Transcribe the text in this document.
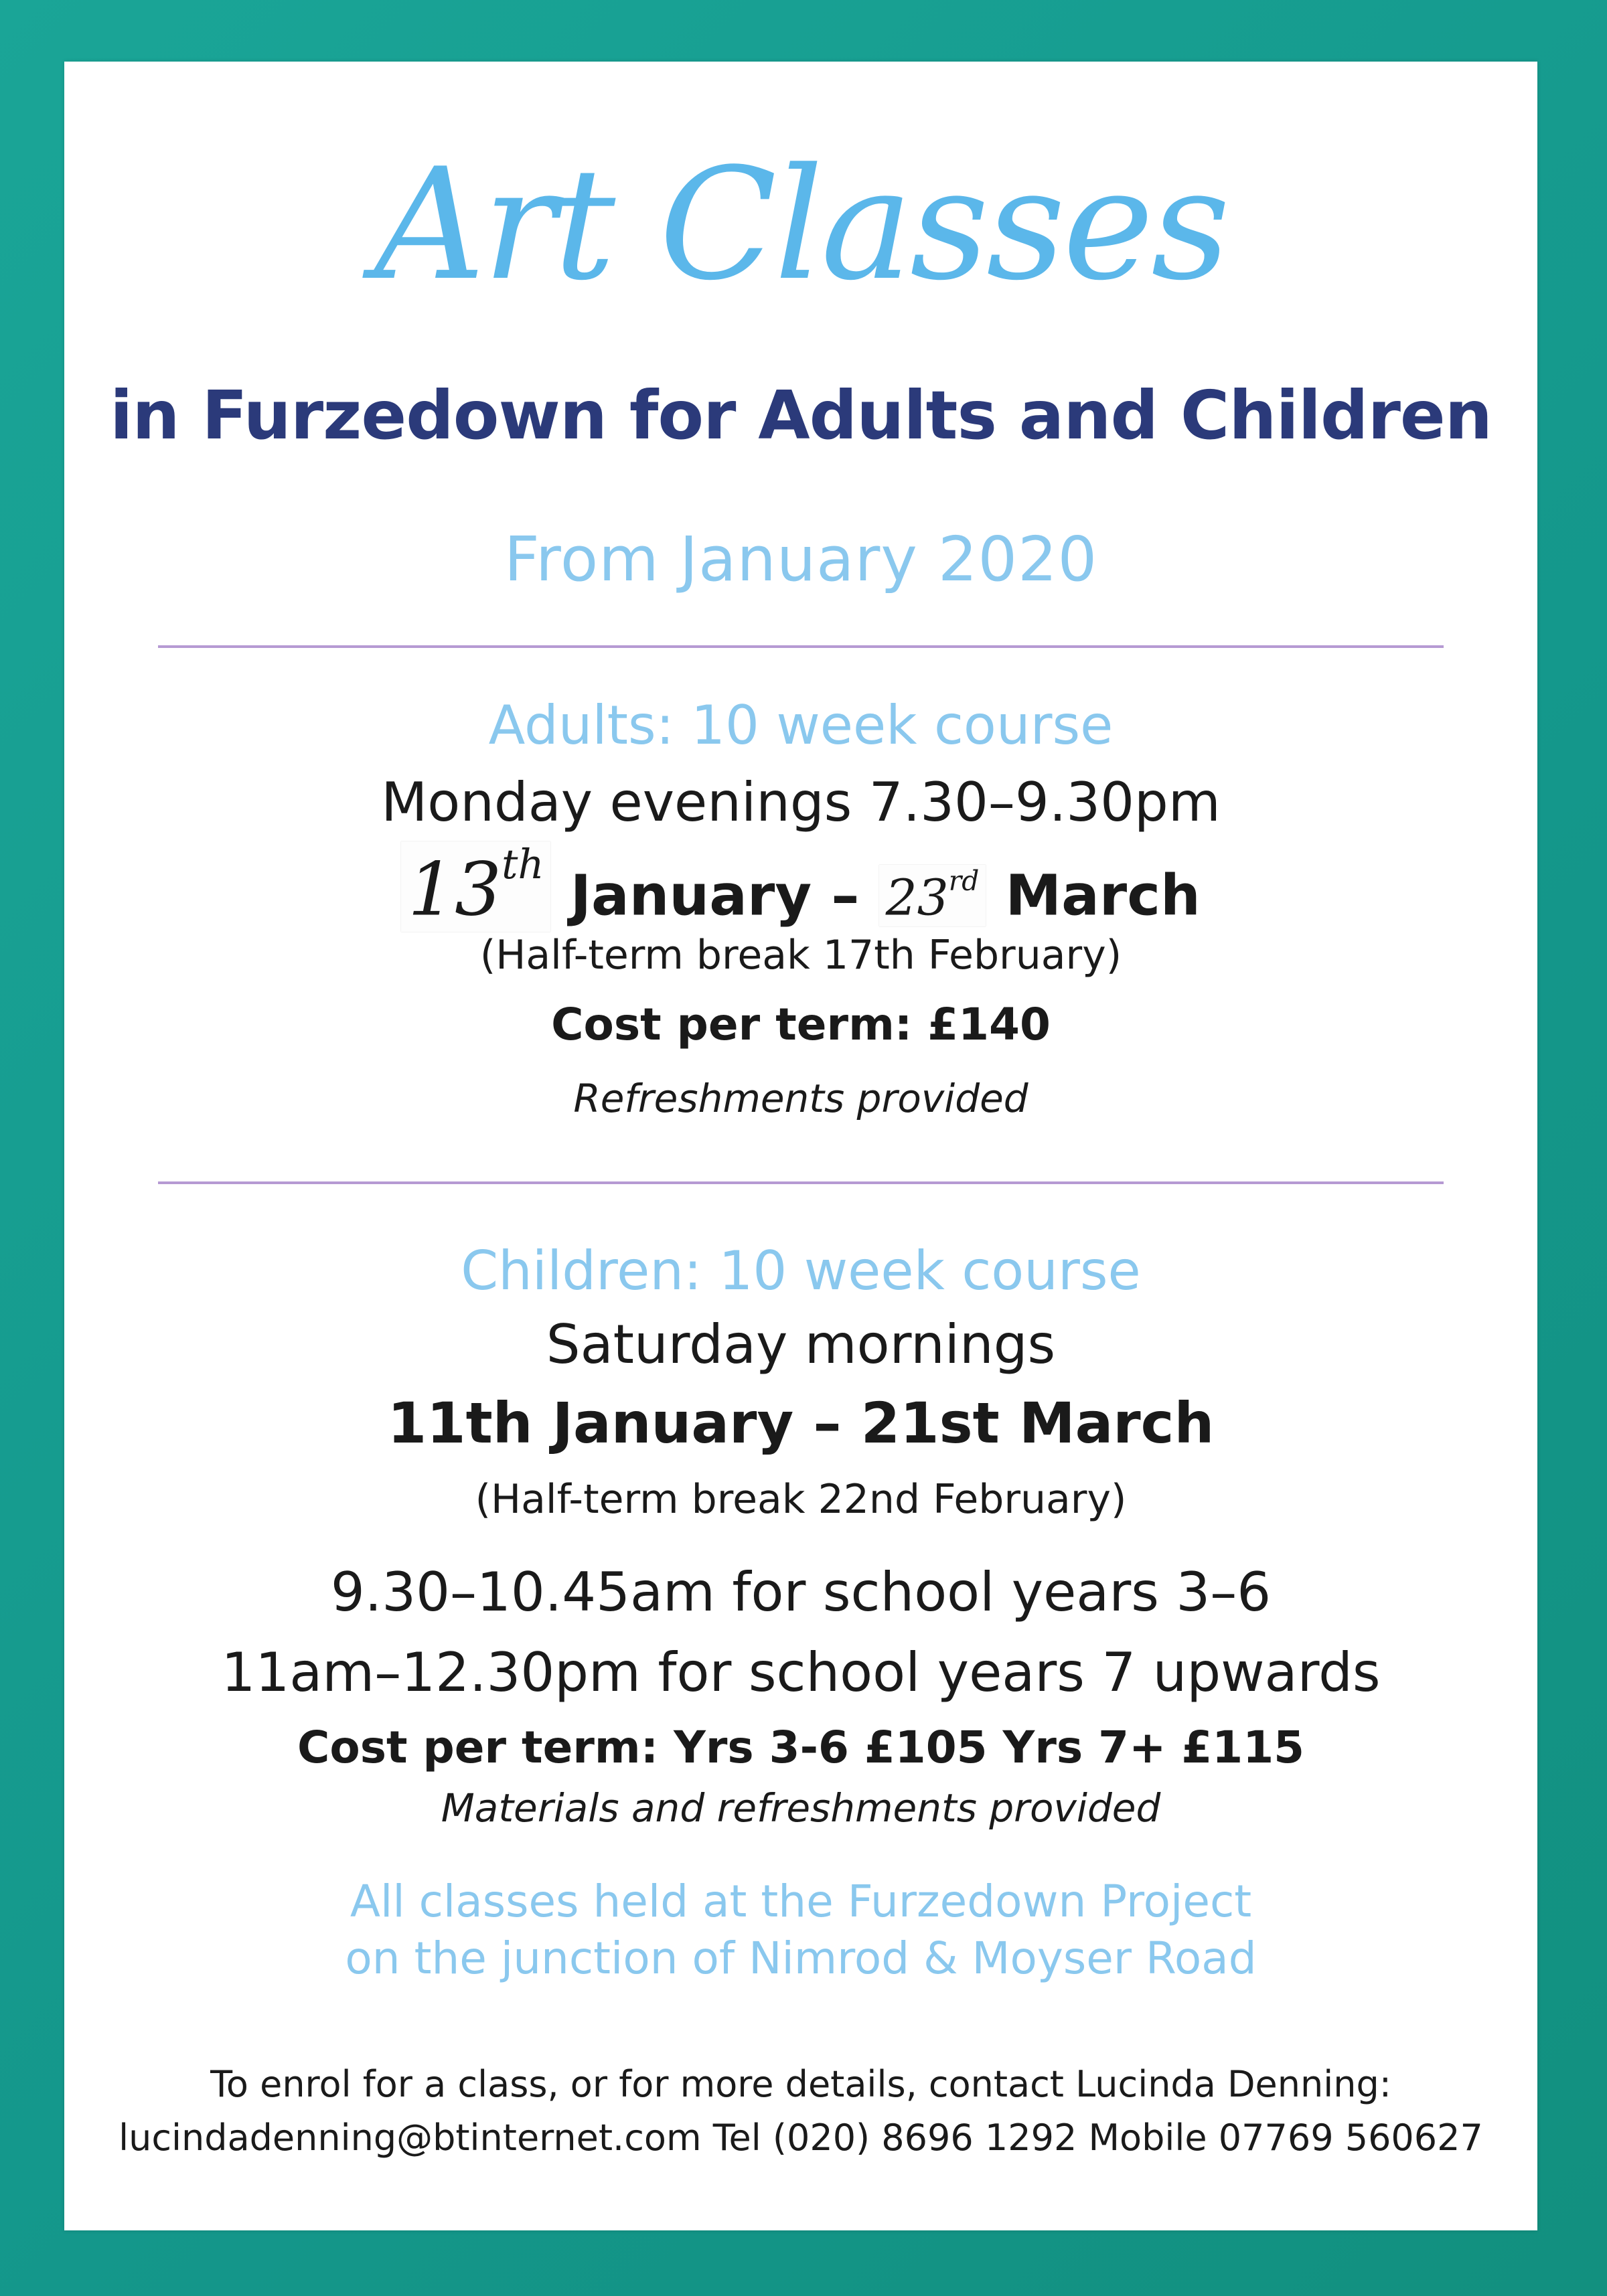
Art Classes
in Furzedown for Adults and Children
From January 2020
Adults: 10 week course
Monday evenings 7.30–9.30pm
13th January – 23rd March
(Half-term break 17th February)
Cost per term: £140
Refreshments provided
Children: 10 week course
Saturday mornings
11th January – 21st March
(Half-term break 22nd February)
9.30–10.45am for school years 3–6
11am–12.30pm for school years 7 upwards
Cost per term: Yrs 3-6 £105 Yrs 7+ £115
Materials and refreshments provided
All classes held at the Furzedown Project
on the junction of Nimrod & Moyser Road
To enrol for a class, or for more details, contact Lucinda Denning:
lucindadenning@btinternet.com Tel (020) 8696 1292 Mobile 07769 560627
